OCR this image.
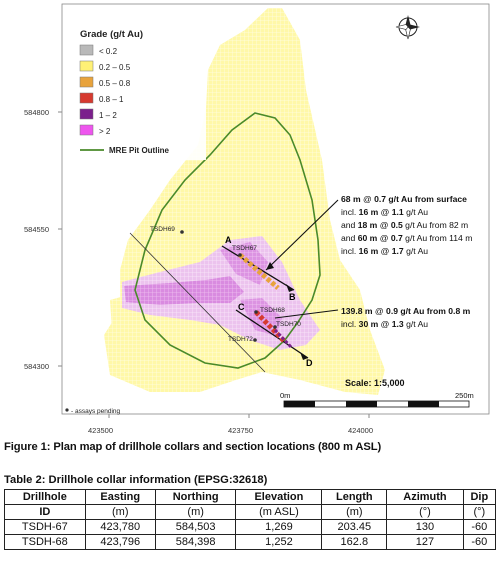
TSDH69
TSDH67
TSDH68
TSDH70
TSDH72
A
B
C
D
584800
584550
584300
423500	423750	424000
Grade (g/t Au)
< 0.2
0.2 – 0.5
0.5 – 0.8
0.8 – 1
1 – 2
> 2
MRE Pit Outline
68 m @ 0.7 g/t Au from surface
incl. 16 m @ 1.1 g/t Au
and 18 m @ 0.5 g/t Au from 82 m
and 60 m @ 0.7 g/t Au from 114 m
incl. 16 m @ 1.7 g/t Au
139.8 m @ 0.9 g/t Au from 0.8 m
incl. 30 m @ 1.3 g/t Au
Scale: 1:5,000
0m	250m
- assays pending
Figure 1: Plan map of drillhole collars and section locations (800 m ASL)
Table 2: Drillhole collar information (EPSG:32618)
Drillhole	Easting	Northing	Elevation	Length	Azimuth	Dip
ID	(m)	(m)	(m ASL)	(m)	(°)	(°)
TSDH-67	423,780	584,503	1,269	203.45	130	-60
TSDH-68	423,796	584,398	1,252	162.8	127	-60
